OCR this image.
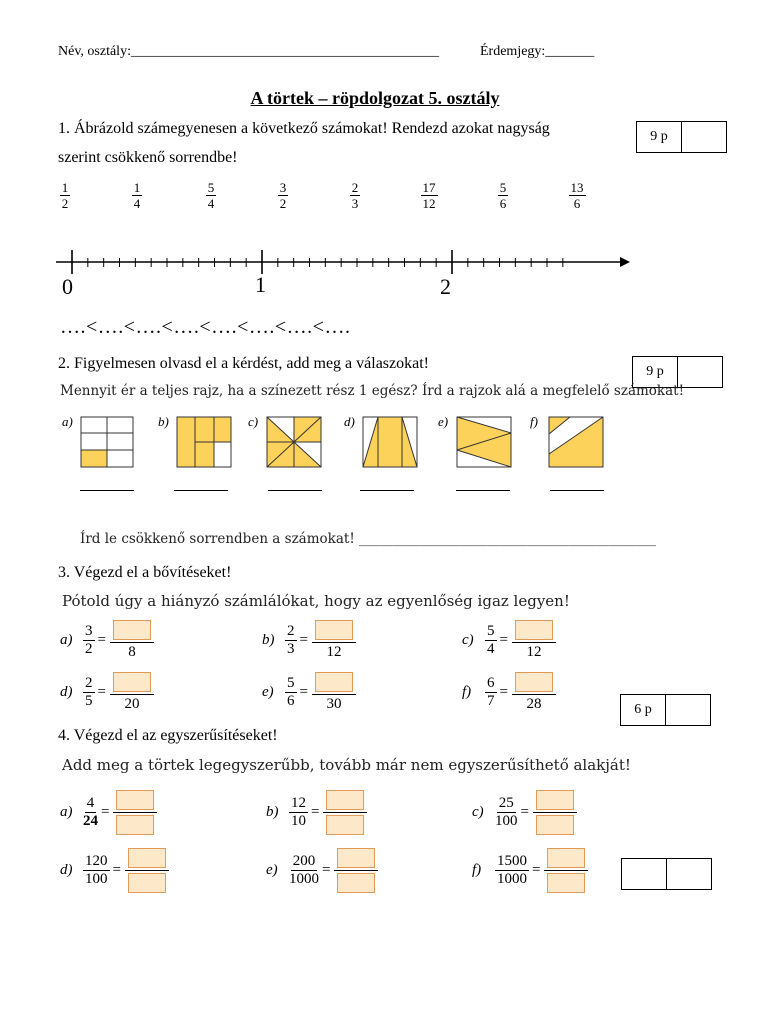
Név, osztály:____________________________________________	Érdemjegy:_______
A törtek – röpdolgozat 5. osztály
1. Ábrázold számegyenesen a következő számokat! Rendezd azokat nagyság
szerint csökkenő sorrendbe!
9 p
$\frac{1}{2}$	$\frac{1}{4}$	$\frac{5}{4}$	$\frac{3}{2}$	$\frac{2}{3}$	$\frac{17}{12}$	$\frac{5}{6}$	$\frac{13}{6}$
0	1	2
….<….<….<….<….<….<….<….
2. Figyelmesen olvasd el a kérdést, add meg a válaszokat!	9 p
Mennyit ér a teljes rajz, ha a színezett rész 1 egész? Írd a rajzok alá a megfelelő számokat!
a)	b)	c)	d)	e)	f)
Írd le csökkenő sorrendben a számokat! ____________________________________________
3. Végezd el a bővítéseket!
Pótold úgy a hiányzó számlálókat, hogy az egyenlőség igaz legyen!
$a) \frac{3}{2}$ =
8
$b) \frac{2}{3}$ =
12
$c) \frac{5}{4}$ =
12
$d) \frac{2}{5}$ =
20
$e) \frac{5}{6}$ =
30
$f) \frac{6}{7}$ =
28	6 p
4. Végezd el az egyszerűsítéseket!
Add meg a törtek legegyszerűbb, tovább már nem egyszerűsíthető alakját!
$a) \frac{4}{24}$ =	$b) \frac{12}{10}$ =	$c) \frac{25}{100}$ =
$d) \frac{120}{100}$ =	$e) \frac{200}{1000}$ =	$f) \frac{1500}{1000}$ =
